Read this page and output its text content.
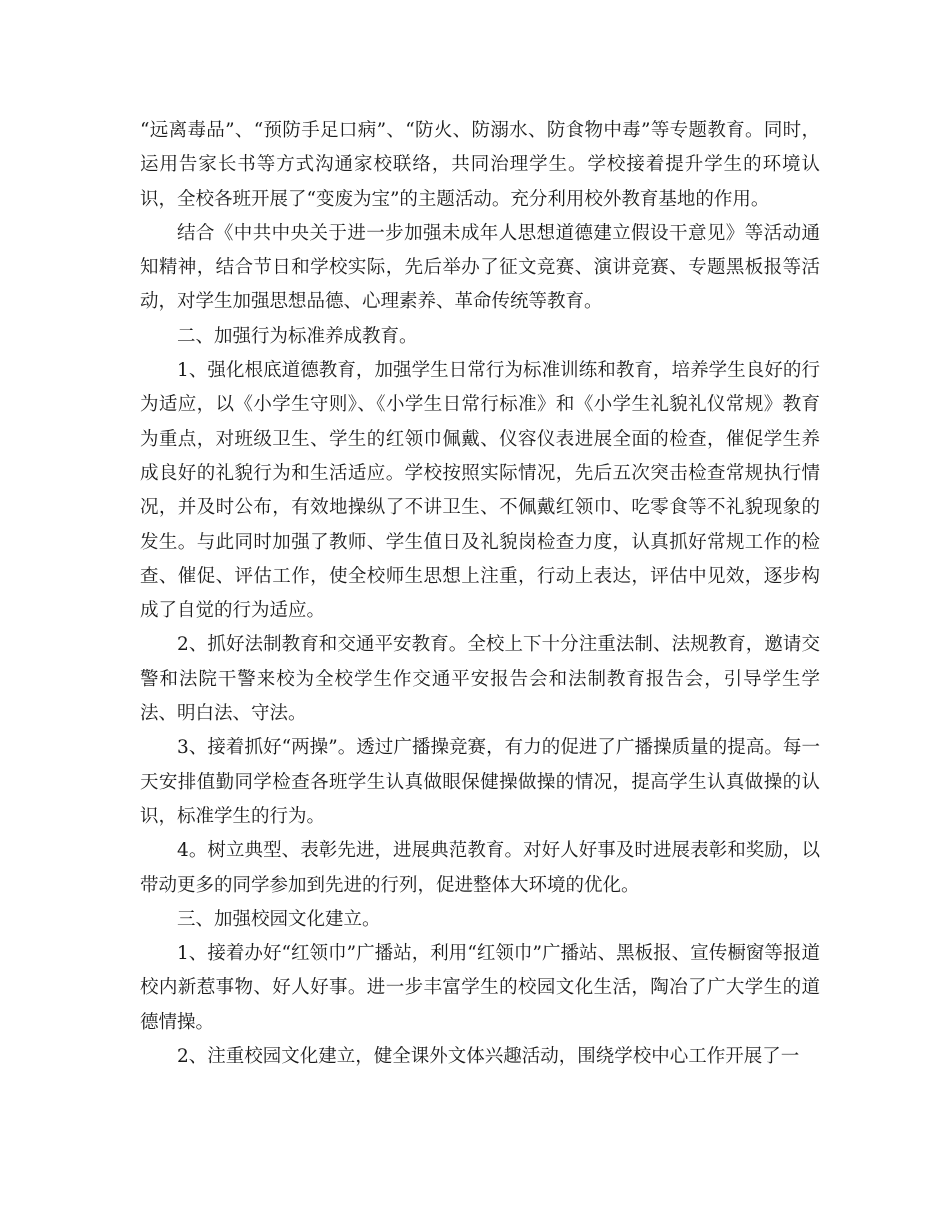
“远离毒品”、“预防手足口病”、“防火、防溺水、防食物中毒”等专题教育。同时，运用告家长书等方式沟通家校联络，共同治理学生。学校接着提升学生的环境认识，全校各班开展了“变废为宝”的主题活动。充分利用校外教育基地的作用。

结合《中共中央关于进一步加强未成年人思想道德建立假设干意见》等活动通知精神，结合节日和学校实际，先后举办了征文竞赛、演讲竞赛、专题黑板报等活动，对学生加强思想品德、心理素养、革命传统等教育。

二、加强行为标准养成教育。

1、强化根底道德教育，加强学生日常行为标准训练和教育，培养学生良好的行为适应，以《小学生守则》、《小学生日常行标准》和《小学生礼貌礼仪常规》教育为重点，对班级卫生、学生的红领巾佩戴、仪容仪表进展全面的检查，催促学生养成良好的礼貌行为和生活适应。学校按照实际情况，先后五次突击检查常规执行情况，并及时公布，有效地操纵了不讲卫生、不佩戴红领巾、吃零食等不礼貌现象的发生。与此同时加强了教师、学生值日及礼貌岗检查力度，认真抓好常规工作的检查、催促、评估工作，使全校师生思想上注重，行动上表达，评估中见效，逐步构成了自觉的行为适应。

2、抓好法制教育和交通平安教育。全校上下十分注重法制、法规教育，邀请交警和法院干警来校为全校学生作交通平安报告会和法制教育报告会，引导学生学法、明白法、守法。

3、接着抓好“两操”。透过广播操竞赛，有力的促进了广播操质量的提高。每一天安排值勤同学检查各班学生认真做眼保健操做操的情况，提高学生认真做操的认识，标准学生的行为。

4。树立典型、表彰先进，进展典范教育。对好人好事及时进展表彰和奖励，以带动更多的同学参加到先进的行列，促进整体大环境的优化。

三、加强校园文化建立。

1、接着办好“红领巾”广播站，利用“红领巾”广播站、黑板报、宣传橱窗等报道校内新惹事物、好人好事。进一步丰富学生的校园文化生活，陶冶了广大学生的道德情操。

2、注重校园文化建立，健全课外文体兴趣活动，围绕学校中心工作开展了一
